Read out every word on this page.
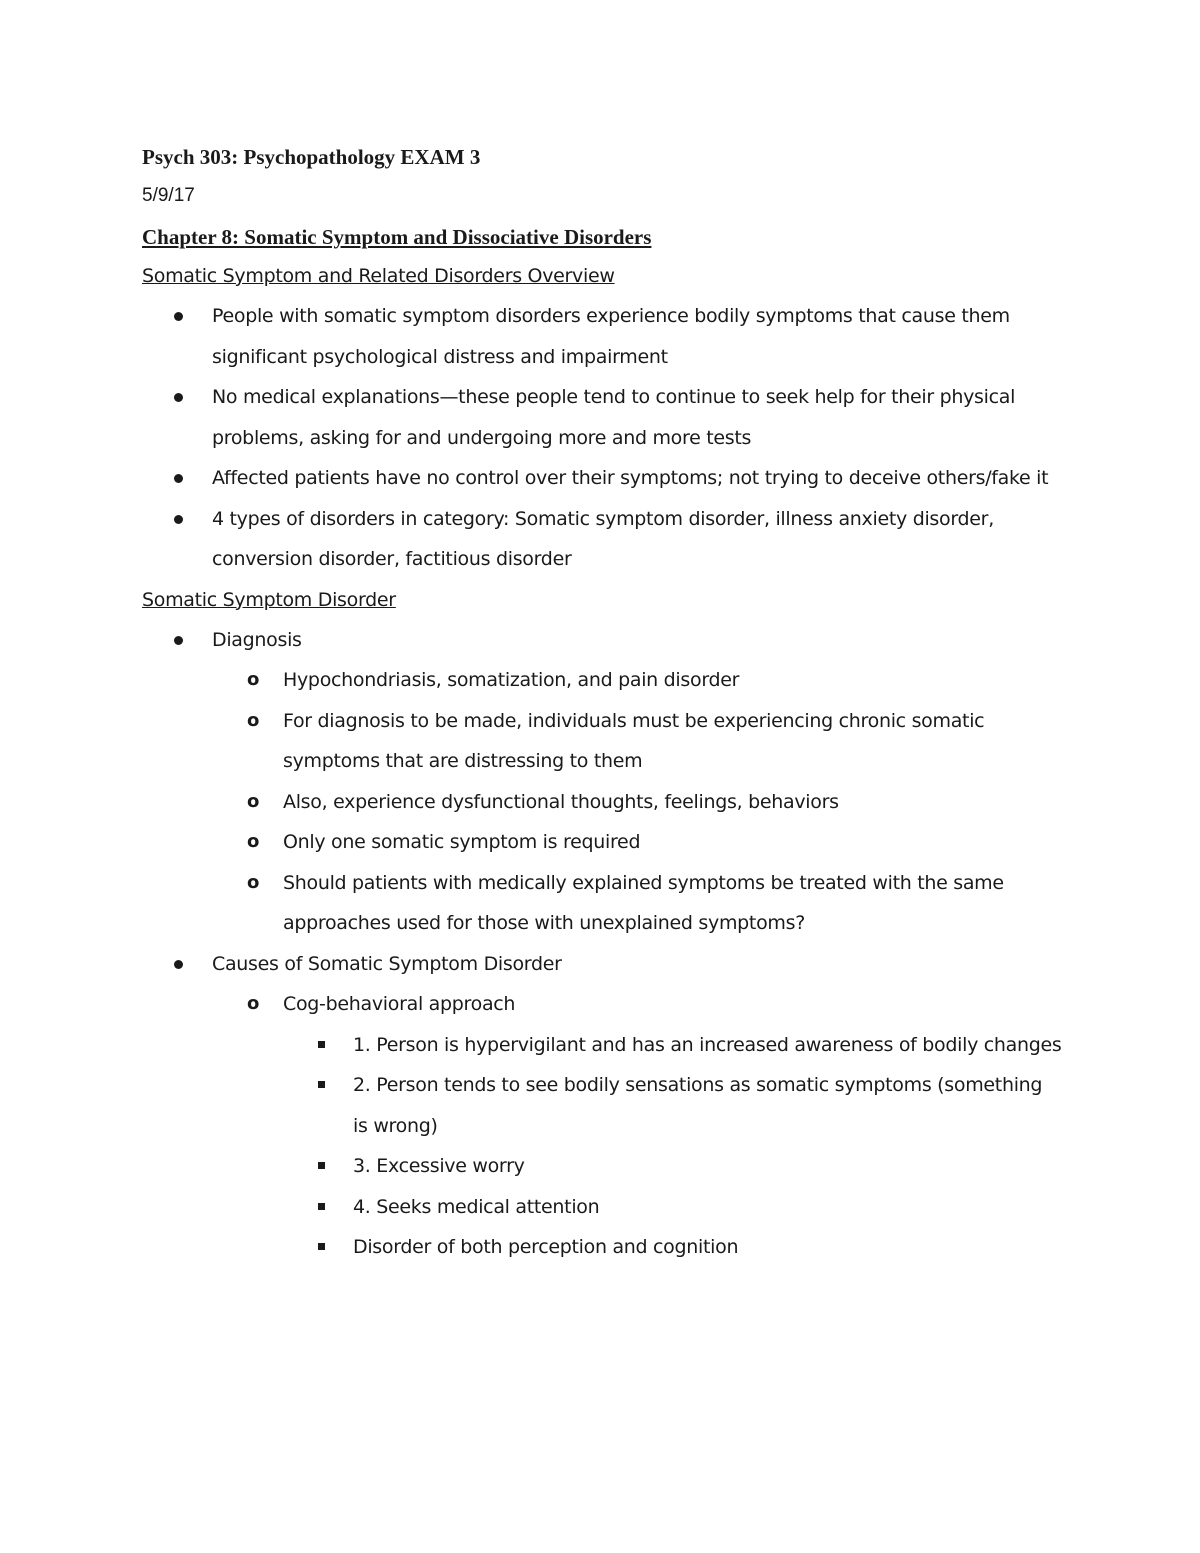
Psych 303: Psychopathology EXAM 3

5/9/17

Chapter 8: Somatic Symptom and Dissociative Disorders

Somatic Symptom and Related Disorders Overview

People with somatic symptom disorders experience bodily symptoms that cause them significant psychological distress and impairment
No medical explanations—these people tend to continue to seek help for their physical problems, asking for and undergoing more and more tests
Affected patients have no control over their symptoms; not trying to deceive others/fake it
4 types of disorders in category: Somatic symptom disorder, illness anxiety disorder, conversion disorder, factitious disorder

Somatic Symptom Disorder

Diagnosis
o Hypochondriasis, somatization, and pain disorder
o For diagnosis to be made, individuals must be experiencing chronic somatic symptoms that are distressing to them
o Also, experience dysfunctional thoughts, feelings, behaviors
o Only one somatic symptom is required
o Should patients with medically explained symptoms be treated with the same approaches used for those with unexplained symptoms?
Causes of Somatic Symptom Disorder
o Cog-behavioral approach
1. Person is hypervigilant and has an increased awareness of bodily changes
2. Person tends to see bodily sensations as somatic symptoms (something is wrong)
3. Excessive worry
4. Seeks medical attention
Disorder of both perception and cognition
